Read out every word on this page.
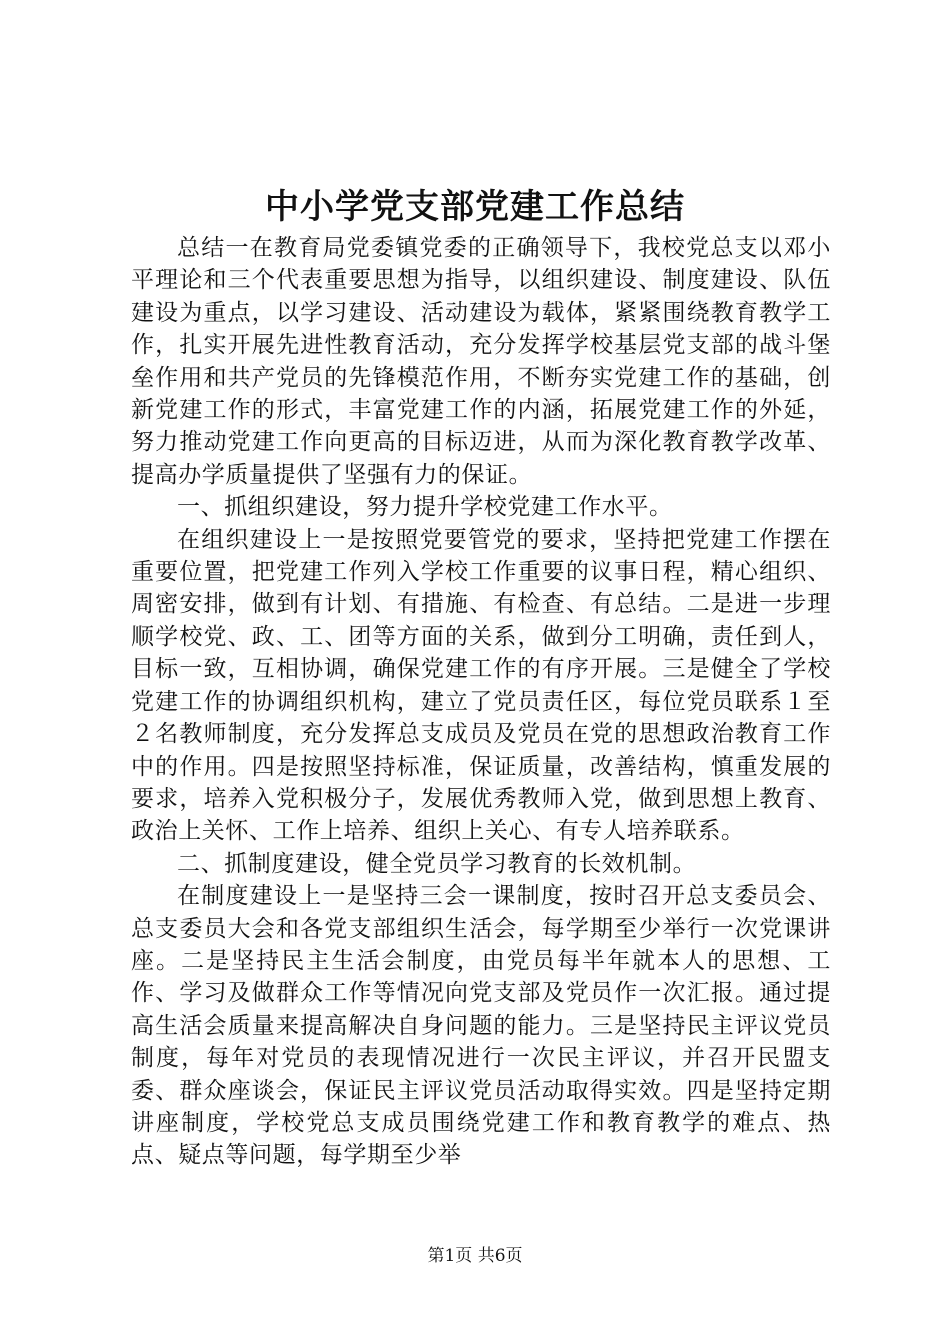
中小学党支部党建工作总结

总结一在教育局党委镇党委的正确领导下，我校党总支以邓小平理论和三个代表重要思想为指导，以组织建设、制度建设、队伍建设为重点，以学习建设、活动建设为载体，紧紧围绕教育教学工作，扎实开展先进性教育活动，充分发挥学校基层党支部的战斗堡垒作用和共产党员的先锋模范作用，不断夯实党建工作的基础，创新党建工作的形式，丰富党建工作的内涵，拓展党建工作的外延，努力推动党建工作向更高的目标迈进，从而为深化教育教学改革、提高办学质量提供了坚强有力的保证。

一、抓组织建设，努力提升学校党建工作水平。

在组织建设上一是按照党要管党的要求，坚持把党建工作摆在重要位置，把党建工作列入学校工作重要的议事日程，精心组织、周密安排，做到有计划、有措施、有检查、有总结。二是进一步理顺学校党、政、工、团等方面的关系，做到分工明确，责任到人，目标一致，互相协调，确保党建工作的有序开展。三是健全了学校党建工作的协调组织机构，建立了党员责任区，每位党员联系１至２名教师制度，充分发挥总支成员及党员在党的思想政治教育工作中的作用。四是按照坚持标准，保证质量，改善结构，慎重发展的要求，培养入党积极分子，发展优秀教师入党，做到思想上教育、政治上关怀、工作上培养、组织上关心、有专人培养联系。

二、抓制度建设，健全党员学习教育的长效机制。

在制度建设上一是坚持三会一课制度，按时召开总支委员会、总支委员大会和各党支部组织生活会，每学期至少举行一次党课讲座。二是坚持民主生活会制度，由党员每半年就本人的思想、工作、学习及做群众工作等情况向党支部及党员作一次汇报。通过提高生活会质量来提高解决自身问题的能力。三是坚持民主评议党员制度，每年对党员的表现情况进行一次民主评议，并召开民盟支委、群众座谈会，保证民主评议党员活动取得实效。四是坚持定期讲座制度，学校党总支成员围绕党建工作和教育教学的难点、热点、疑点等问题，每学期至少举

第1页 共6页
